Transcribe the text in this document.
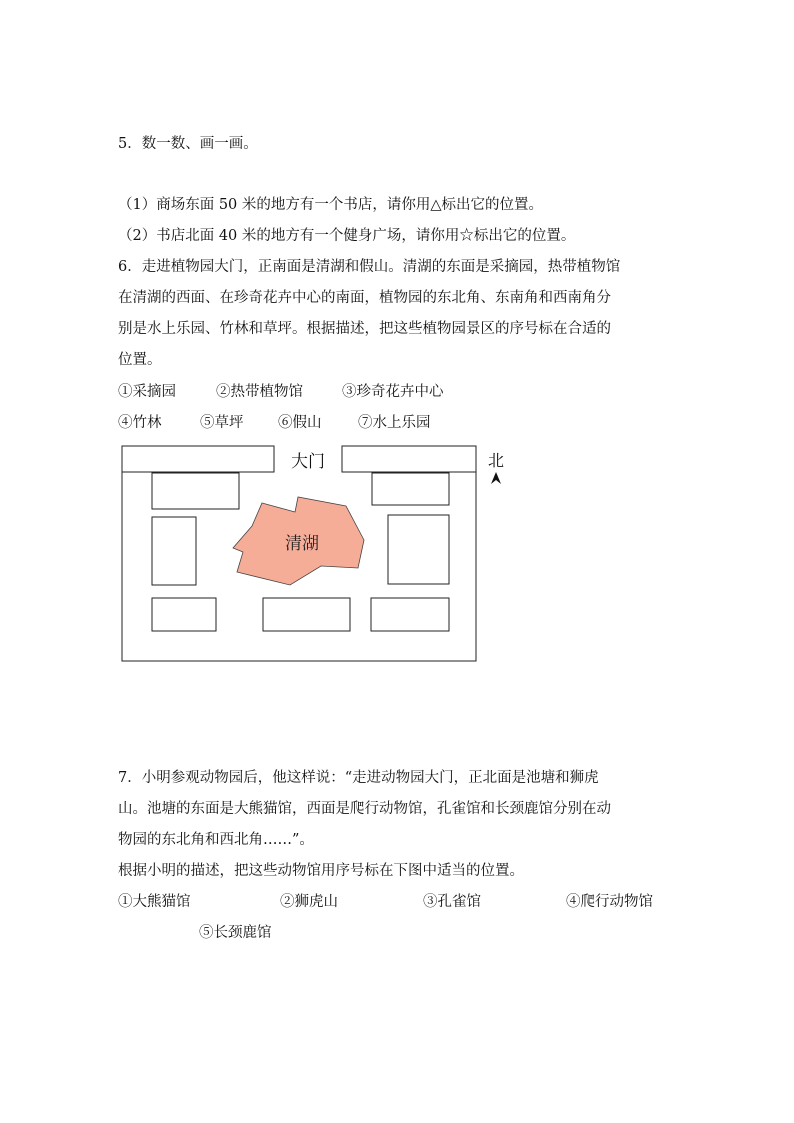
5．数一数、画一画。
（1）商场东面 50 米的地方有一个书店，请你用△标出它的位置。
（2）书店北面 40 米的地方有一个健身广场，请你用☆标出它的位置。
6．走进植物园大门，正南面是清湖和假山。清湖的东面是采摘园，热带植物馆
在清湖的西面、在珍奇花卉中心的南面，植物园的东北角、东南角和西南角分
别是水上乐园、竹林和草坪。根据描述，把这些植物园景区的序号标在合适的
位置。
①采摘园	②热带植物馆	③珍奇花卉中心
④竹林	⑤草坪 ⑥假山	⑦水上乐园
大门
清湖
北
7．小明参观动物园后，他这样说：“走进动物园大门，正北面是池塘和狮虎
山。池塘的东面是大熊猫馆，西面是爬行动物馆，孔雀馆和长颈鹿馆分别在动
物园的东北角和西北角……”。
根据小明的描述，把这些动物馆用序号标在下图中适当的位置。
①大熊猫馆	②狮虎山	③孔雀馆	④爬行动物馆
⑤长颈鹿馆
